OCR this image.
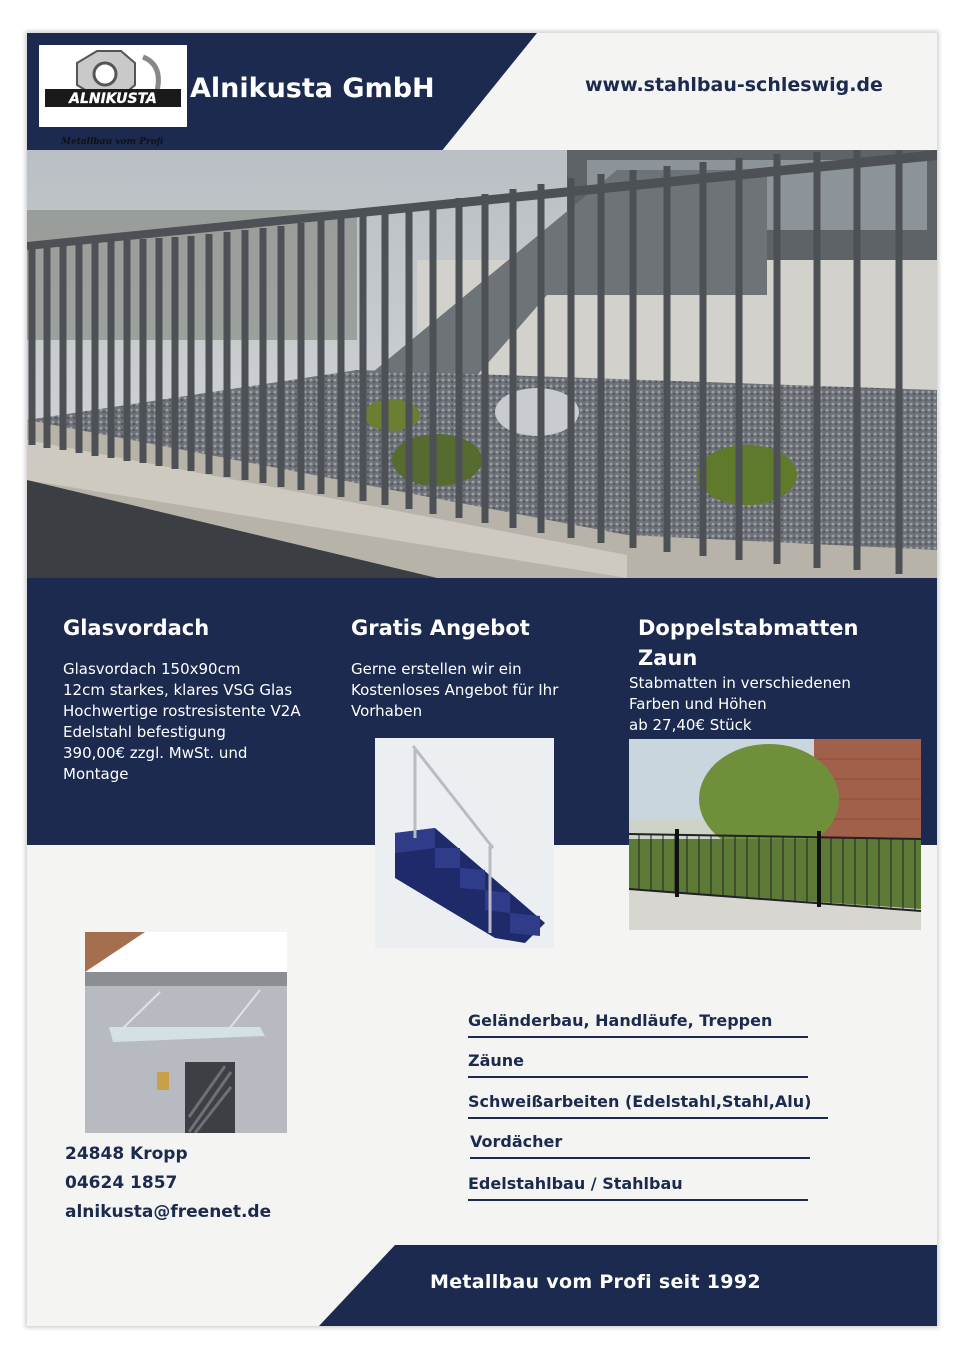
ALNIKUSTA
Metallbau vom Profi
Alnikusta GmbH	www.stahlbau-schleswig.de
Glasvordach
Glasvordach 150x90cm
12cm starkes, klares VSG Glas
Hochwertige rostresistente V2A
Edelstahl befestigung
390,00€ zzgl. MwSt. und
Montage
Gratis Angebot
Gerne erstellen wir ein
Kostenloses Angebot für Ihr
Vorhaben
Doppelstabmatten
Zaun
Stabmatten in verschiedenen
Farben und Höhen
ab 27,40€ Stück
Geländerbau, Handläufe, Treppen
Zäune
Schweißarbeiten (Edelstahl,Stahl,Alu)
Vordächer
Edelstahlbau / Stahlbau
24848 Kropp
04624 1857
alnikusta@freenet.de
Metallbau vom Profi seit 1992
